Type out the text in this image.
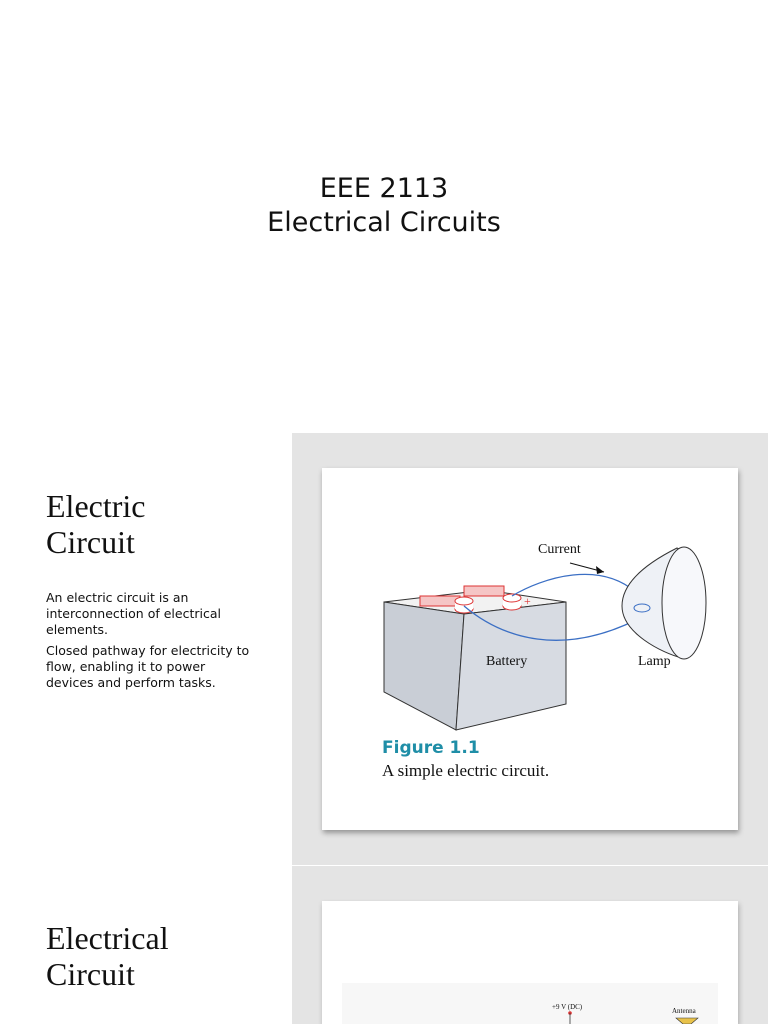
EEE 2113
Electrical Circuits
Electric
Circuit

An electric circuit is an interconnection of electrical elements.

Closed pathway for electricity to flow, enabling it to power devices and perform tasks.

Current
Battery	Lamp
+
Figure 1.1
A simple electric circuit.
Electrical
Circuit
+9 V (DC)	Antenna
